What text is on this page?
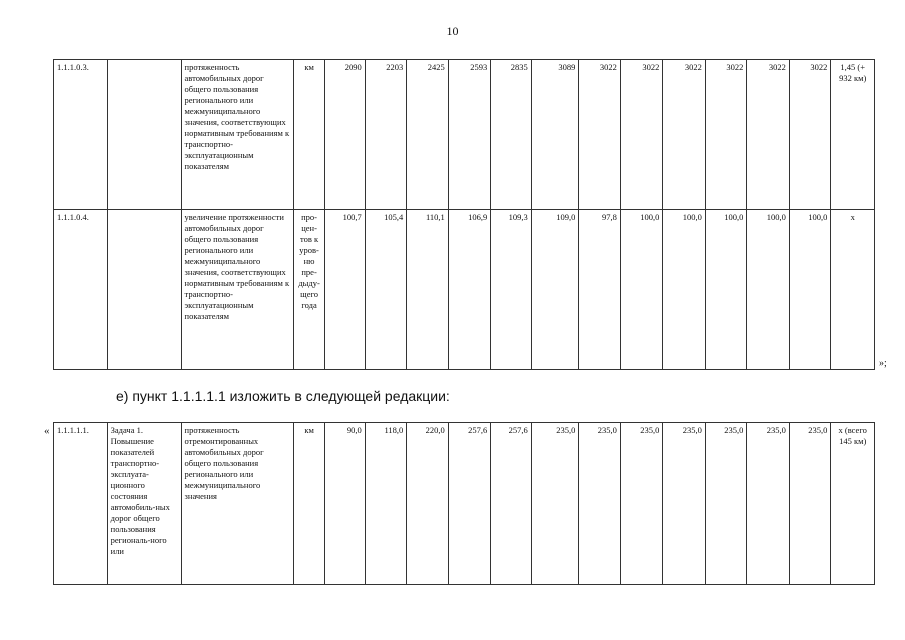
10
1.1.1.0.3.		протяженность автомобильных дорог общего пользования регионального или межмуниципального значения, соответствующих нормативным требованиям к транспортно-эксплуатационным показателям	км	2090	2203	2425	2593	2835	3089	3022	3022	3022	3022	3022	3022	1,45 (+ 932 км)
1.1.1.0.4.		увеличение протяженности автомобильных дорог общего пользования регионального или межмуниципального значения, соответствующих нормативным требованиям к транспортно-эксплуатационным показателям	про-цен-тов к уров-ню пре-дыду-щего года	100,7	105,4	110,1	106,9	109,3	109,0	97,8	100,0	100,0	100,0	100,0	100,0	х
»;
е) пункт 1.1.1.1.1 изложить в следующей редакции:
« 1.1.1.1.1.	Задача 1. Повышение показателей транспортно-эксплуата-ционного состояния автомобиль-ных дорог общего пользования региональ-ного или	протяженность отремонтированных автомобильных дорог общего пользования регионального или межмуниципального значения	км	90,0	118,0	220,0	257,6	257,6	235,0	235,0	235,0	235,0	235,0	235,0	235,0	х (всего 145 км)
